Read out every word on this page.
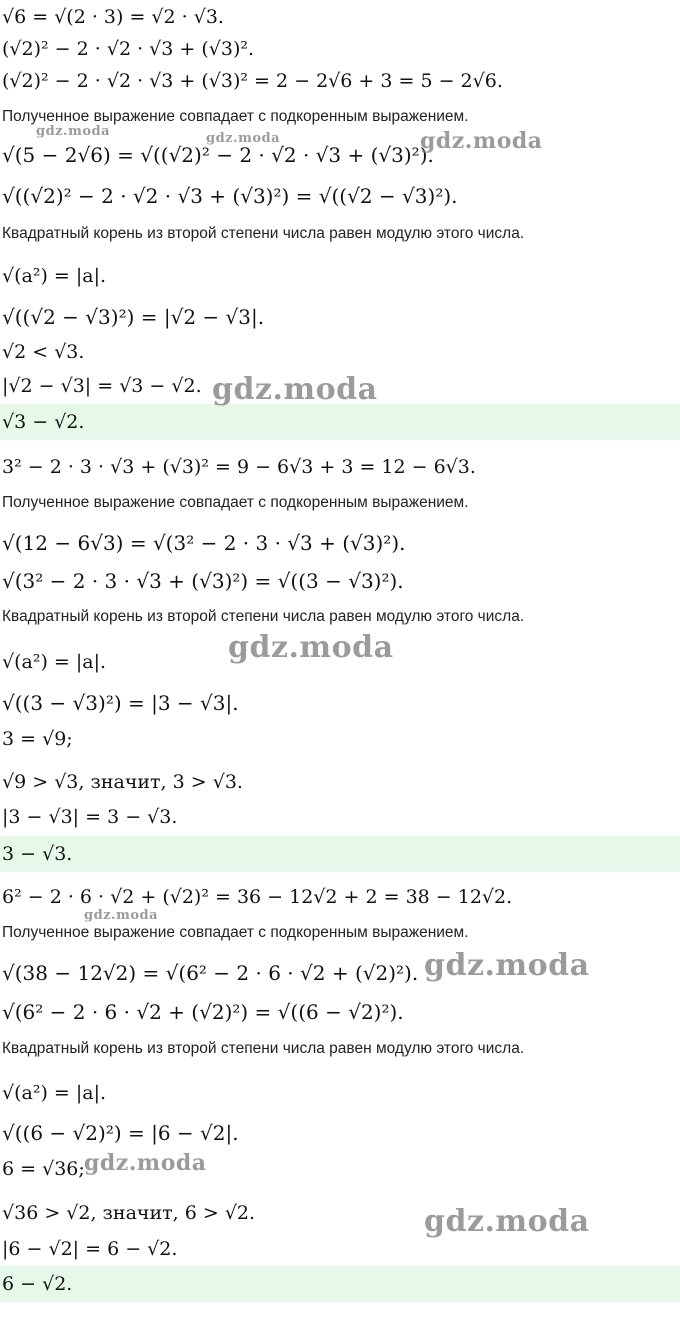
√6 = √(2 · 3) = √2 · √3.
(√2)² − 2 · √2 · √3 + (√3)².
(√2)² − 2 · √2 · √3 + (√3)² = 2 − 2√6 + 3 = 5 − 2√6.
Полученное выражение совпадает с подкоренным выражением.
√(5 − 2√6) = √((√2)² − 2 · √2 · √3 + (√3)²).
√((√2)² − 2 · √2 · √3 + (√3)²) = √((√2 − √3)²).
Квадратный корень из второй степени числа равен модулю этого числа.
√(a²) = |a|.
√((√2 − √3)²) = |√2 − √3|.
√2 < √3.
|√2 − √3| = √3 − √2.
√3 − √2.
3² − 2 · 3 · √3 + (√3)² = 9 − 6√3 + 3 = 12 − 6√3.
Полученное выражение совпадает с подкоренным выражением.
√(12 − 6√3) = √(3² − 2 · 3 · √3 + (√3)²).
√(3² − 2 · 3 · √3 + (√3)²) = √((3 − √3)²).
Квадратный корень из второй степени числа равен модулю этого числа.
√(a²) = |a|.
√((3 − √3)²) = |3 − √3|.
3 = √9;
√9 > √3, значит, 3 > √3.
|3 − √3| = 3 − √3.
3 − √3.
6² − 2 · 6 · √2 + (√2)² = 36 − 12√2 + 2 = 38 − 12√2.
Полученное выражение совпадает с подкоренным выражением.
√(38 − 12√2) = √(6² − 2 · 6 · √2 + (√2)²).
√(6² − 2 · 6 · √2 + (√2)²) = √((6 − √2)²).
Квадратный корень из второй степени числа равен модулю этого числа.
√(a²) = |a|.
√((6 − √2)²) = |6 − √2|.
6 = √36;
√36 > √2, значит, 6 > √2.
|6 − √2| = 6 − √2.
6 − √2.
gdz.moda	gdz.moda	gdz.moda
gdz.moda
gdz.moda
gdz.moda
gdz.moda
gdz.moda
gdz.moda
